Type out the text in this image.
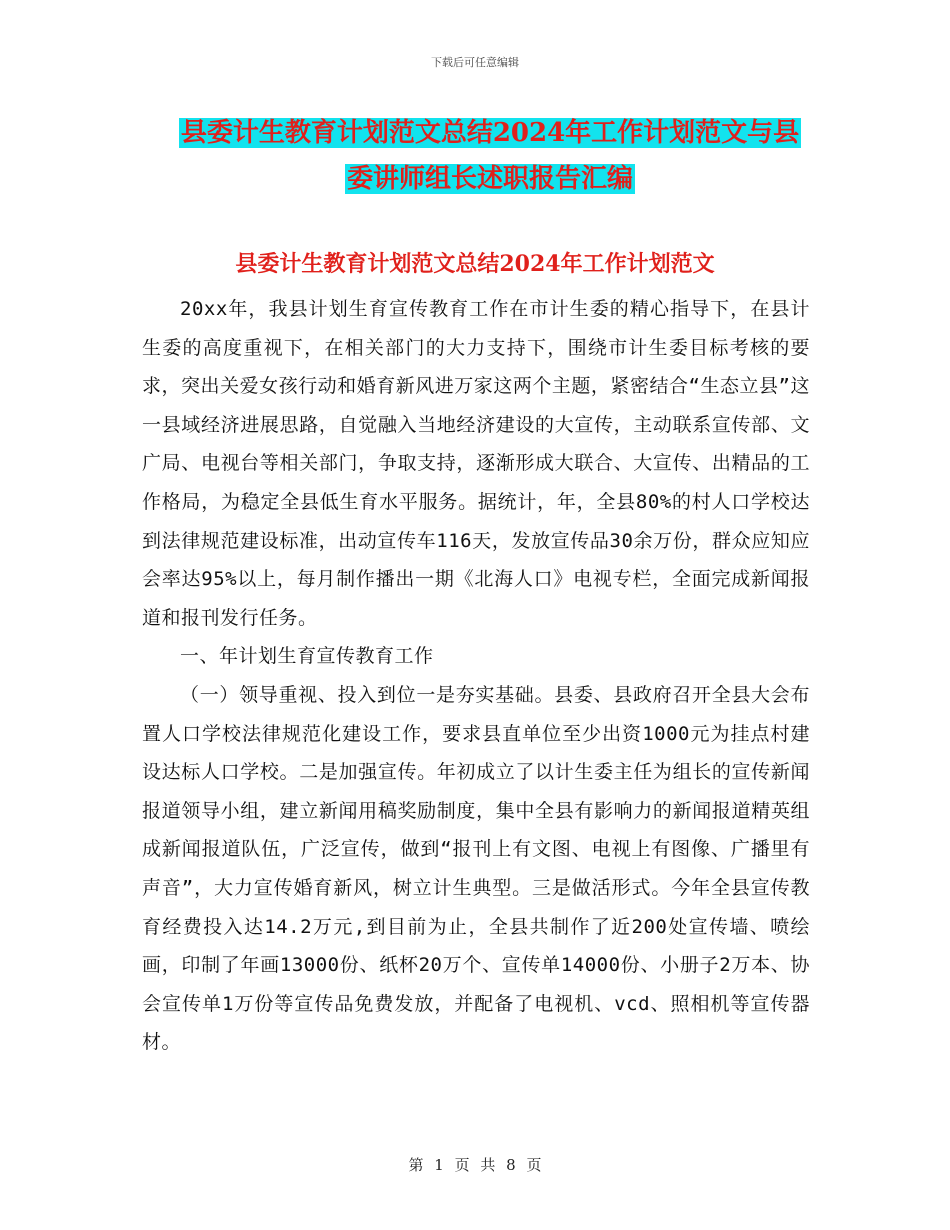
下载后可任意编辑
县委计生教育计划范文总结2024年工作计划范文与县
委讲师组长述职报告汇编
县委计生教育计划范文总结2024年工作计划范文

20xx年，我县计划生育宣传教育工作在市计生委的精心指导下，在县计生委的高度重视下，在相关部门的大力支持下，围绕市计生委目标考核的要求，突出关爱女孩行动和婚育新风进万家这两个主题，紧密结合“生态立县”这一县域经济进展思路，自觉融入当地经济建设的大宣传，主动联系宣传部、文广局、电视台等相关部门，争取支持，逐渐形成大联合、大宣传、出精品的工作格局，为稳定全县低生育水平服务。据统计，年，全县80%的村人口学校达到法律规范建设标准，出动宣传车116天，发放宣传品30余万份，群众应知应会率达95%以上，每月制作播出一期《北海人口》电视专栏，全面完成新闻报道和报刊发行任务。

一、年计划生育宣传教育工作

（一）领导重视、投入到位一是夯实基础。县委、县政府召开全县大会布置人口学校法律规范化建设工作，要求县直单位至少出资1000元为挂点村建设达标人口学校。二是加强宣传。年初成立了以计生委主任为组长的宣传新闻报道领导小组，建立新闻用稿奖励制度，集中全县有影响力的新闻报道精英组成新闻报道队伍，广泛宣传，做到“报刊上有文图、电视上有图像、广播里有声音”，大力宣传婚育新风，树立计生典型。三是做活形式。今年全县宣传教育经费投入达14.2万元,到目前为止，全县共制作了近200处宣传墙、喷绘画，印制了年画13000份、纸杯20万个、宣传单14000份、小册子2万本、协会宣传单1万份等宣传品免费发放，并配备了电视机、vcd、照相机等宣传器材。

第 1 页 共 8 页
